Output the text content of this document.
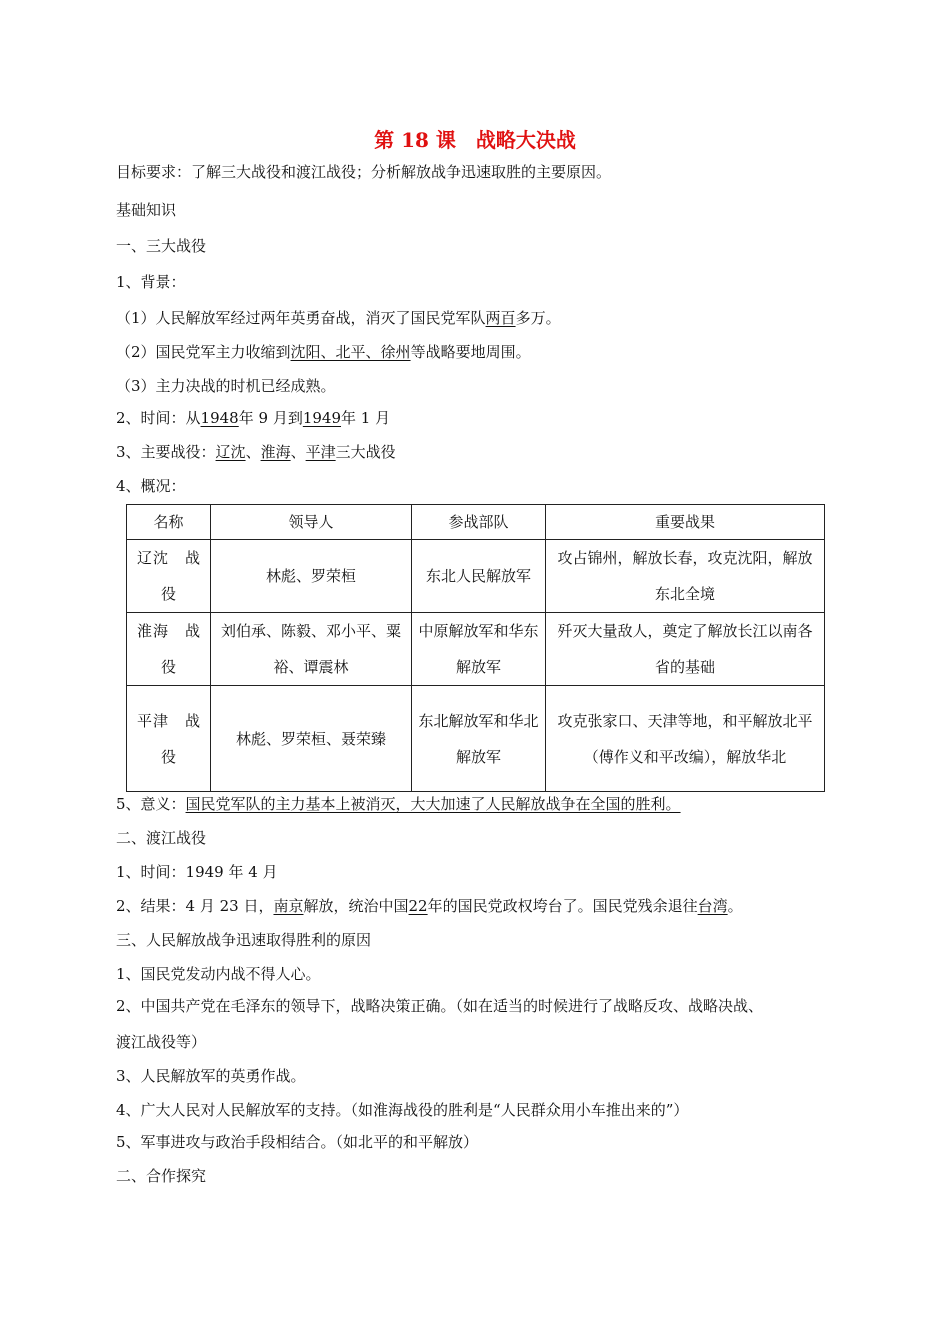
第 18 课　战略大决战
目标要求：了解三大战役和渡江战役；分析解放战争迅速取胜的主要原因。
基础知识
一、三大战役
1、背景：
（1）人民解放军经过两年英勇奋战，消灭了国民党军队两百多万。
（2）国民党军主力收缩到沈阳、北平、徐州等战略要地周围。
（3）主力决战的时机已经成熟。
2、时间：从1948年 9 月到1949年 1 月
3、主要战役：辽沈、淮海、平津三大战役
4、概况：
名称	领导人	参战部队	重要战果

辽沈　战
役	林彪、罗荣桓	东北人民解放军	攻占锦州，解放长春，攻克沈阳，解放东北全境

淮海　战
役	刘伯承、陈毅、邓小平、粟裕、谭震林	中原解放军和华东解放军	歼灭大量敌人，奠定了解放长江以南各省的基础

平津　战
役	林彪、罗荣桓、聂荣臻	东北解放军和华北解放军	攻克张家口、天津等地，和平解放北平（傅作义和平改编），解放华北
5、意义：国民党军队的主力基本上被消灭，大大加速了人民解放战争在全国的胜利。
二、渡江战役
1、时间：1949 年 4 月
2、结果：4 月 23 日，南京解放，统治中国22年的国民党政权垮台了。国民党残余退往台湾。
三、人民解放战争迅速取得胜利的原因
1、国民党发动内战不得人心。
2、中国共产党在毛泽东的领导下，战略决策正确。（如在适当的时候进行了战略反攻、战略决战、
渡江战役等）
3、人民解放军的英勇作战。
4、广大人民对人民解放军的支持。（如淮海战役的胜利是“人民群众用小车推出来的”）
5、军事进攻与政治手段相结合。（如北平的和平解放）
二、合作探究
